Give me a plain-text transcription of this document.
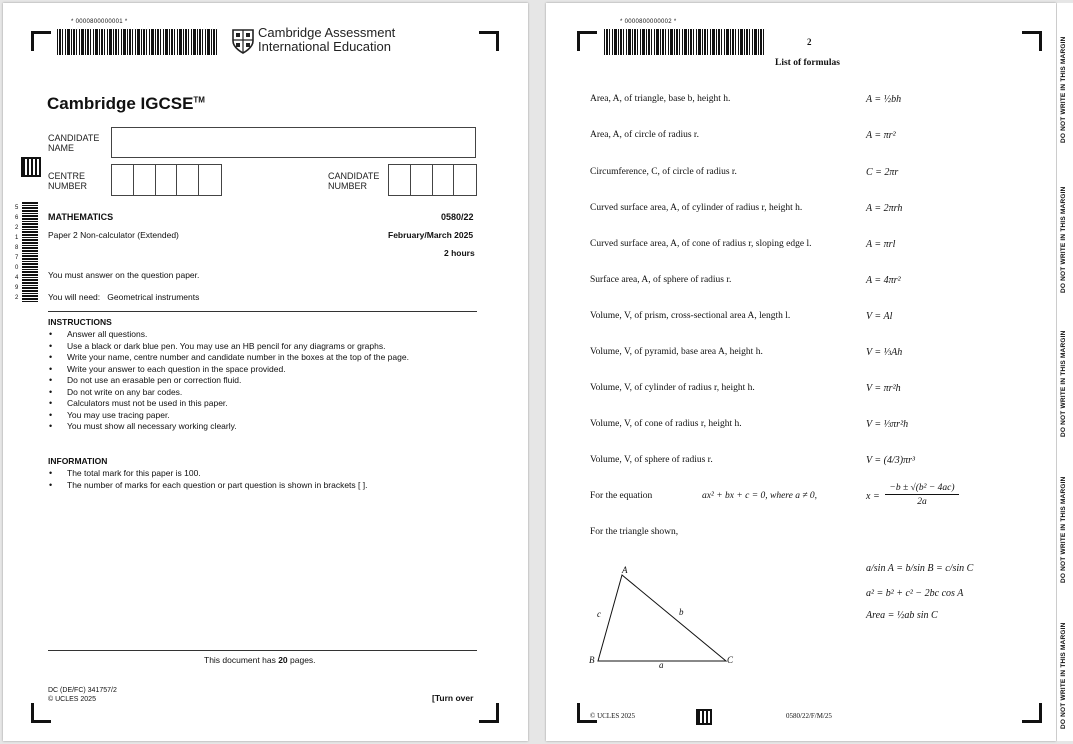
* 0000800000001 *
Cambridge Assessment
International Education
Cambridge IGCSE™
CANDIDATE
NAME
CENTRE
NUMBER
CANDIDATE
NUMBER
5621870492
MATHEMATICS	0580/22
Paper 2 Non-calculator (Extended)	February/March 2025
2 hours
You must answer on the question paper.
You will need: Geometrical instruments
INSTRUCTIONS
• Answer all questions.
• Use a black or dark blue pen. You may use an HB pencil for any diagrams or graphs.
• Write your name, centre number and candidate number in the boxes at the top of the page.
• Write your answer to each question in the space provided.
• Do not use an erasable pen or correction fluid.
• Do not write on any bar codes.
• Calculators must not be used in this paper.
• You may use tracing paper.
• You must show all necessary working clearly.
INFORMATION
• The total mark for this paper is 100.
• The number of marks for each question or part question is shown in brackets [ ].
This document has 20 pages.
DC (DE/FC) 341757/2
© UCLES 2025	[Turn over
* 0000800000002 *
2
List of formulas
Area, A, of triangle, base b, height h.	A = ½bh
Area, A, of circle of radius r.	A = πr²
Circumference, C, of circle of radius r.	C = 2πr
Curved surface area, A, of cylinder of radius r, height h.	A = 2πrh
Curved surface area, A, of cone of radius r, sloping edge l.	A = πrl
Surface area, A, of sphere of radius r.	A = 4πr²
Volume, V, of prism, cross-sectional area A, length l.	V = Al
Volume, V, of pyramid, base area A, height h.	V = ⅓Ah
Volume, V, of cylinder of radius r, height h.	V = πr²h
Volume, V, of cone of radius r, height h.	V = ⅓πr²h
Volume, V, of sphere of radius r.	V = (4/3)πr³
For the equation	ax² + bx + c = 0, where a ≠ 0,	x =
−b ± √(b² − 4ac)
2a
For the triangle shown,
A
B	C
a
b
c
a/sin A = b/sin B = c/sin C
a² = b² + c² − 2bc cos A
Area = ½ab sin C
© UCLES 2025	0580/22/F/M/25
DO NOT WRITE IN THIS MARGIN
DO NOT WRITE IN THIS MARGIN
DO NOT WRITE IN THIS MARGIN
DO NOT WRITE IN THIS MARGIN
DO NOT WRITE IN THIS MARGIN
